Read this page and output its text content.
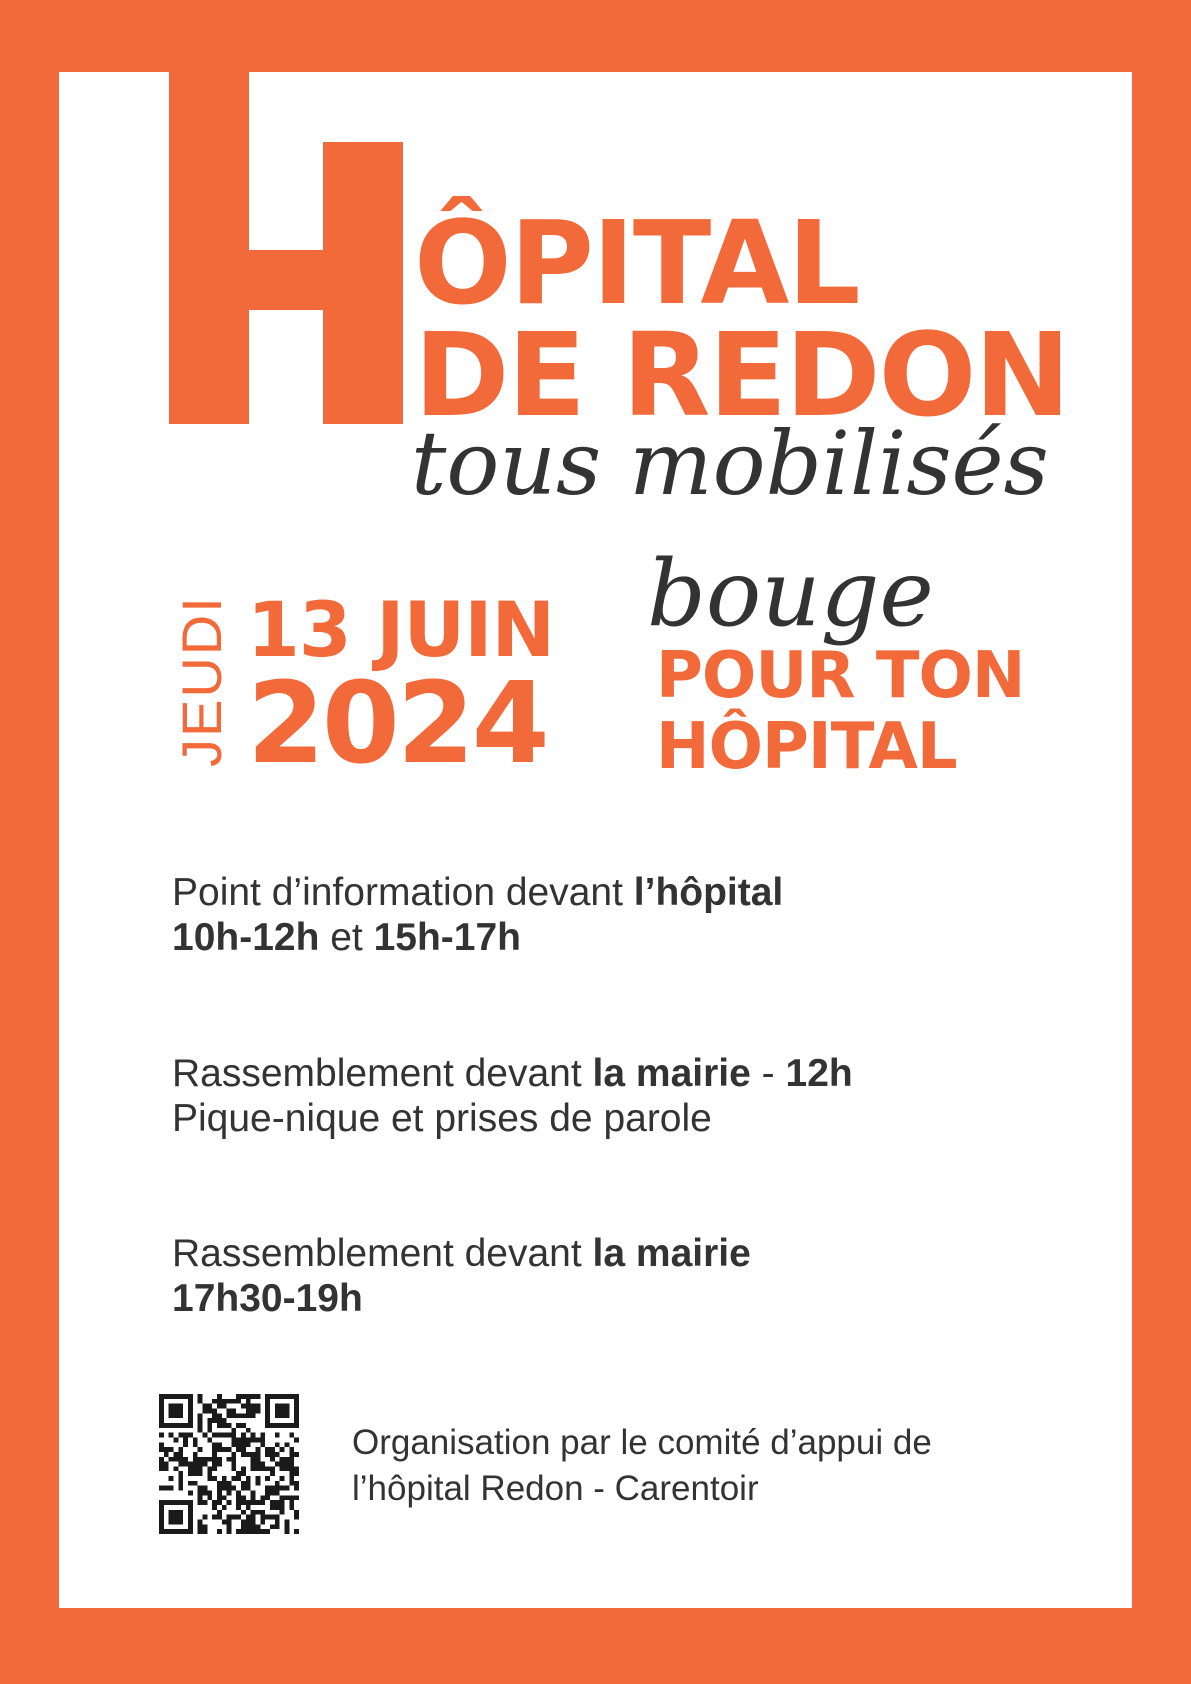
ÔPITAL
DE REDON
tous mobilisés
JEUDI 13 JUIN
2024
bouge
POUR TON
HÔPITAL
Point d’information devant l’hôpital
10h-12h et 15h-17h
Rassemblement devant la mairie - 12h
Pique-nique et prises de parole
Rassemblement devant la mairie
17h30-19h
Organisation par le comité d’appui de
l’hôpital Redon - Carentoir
